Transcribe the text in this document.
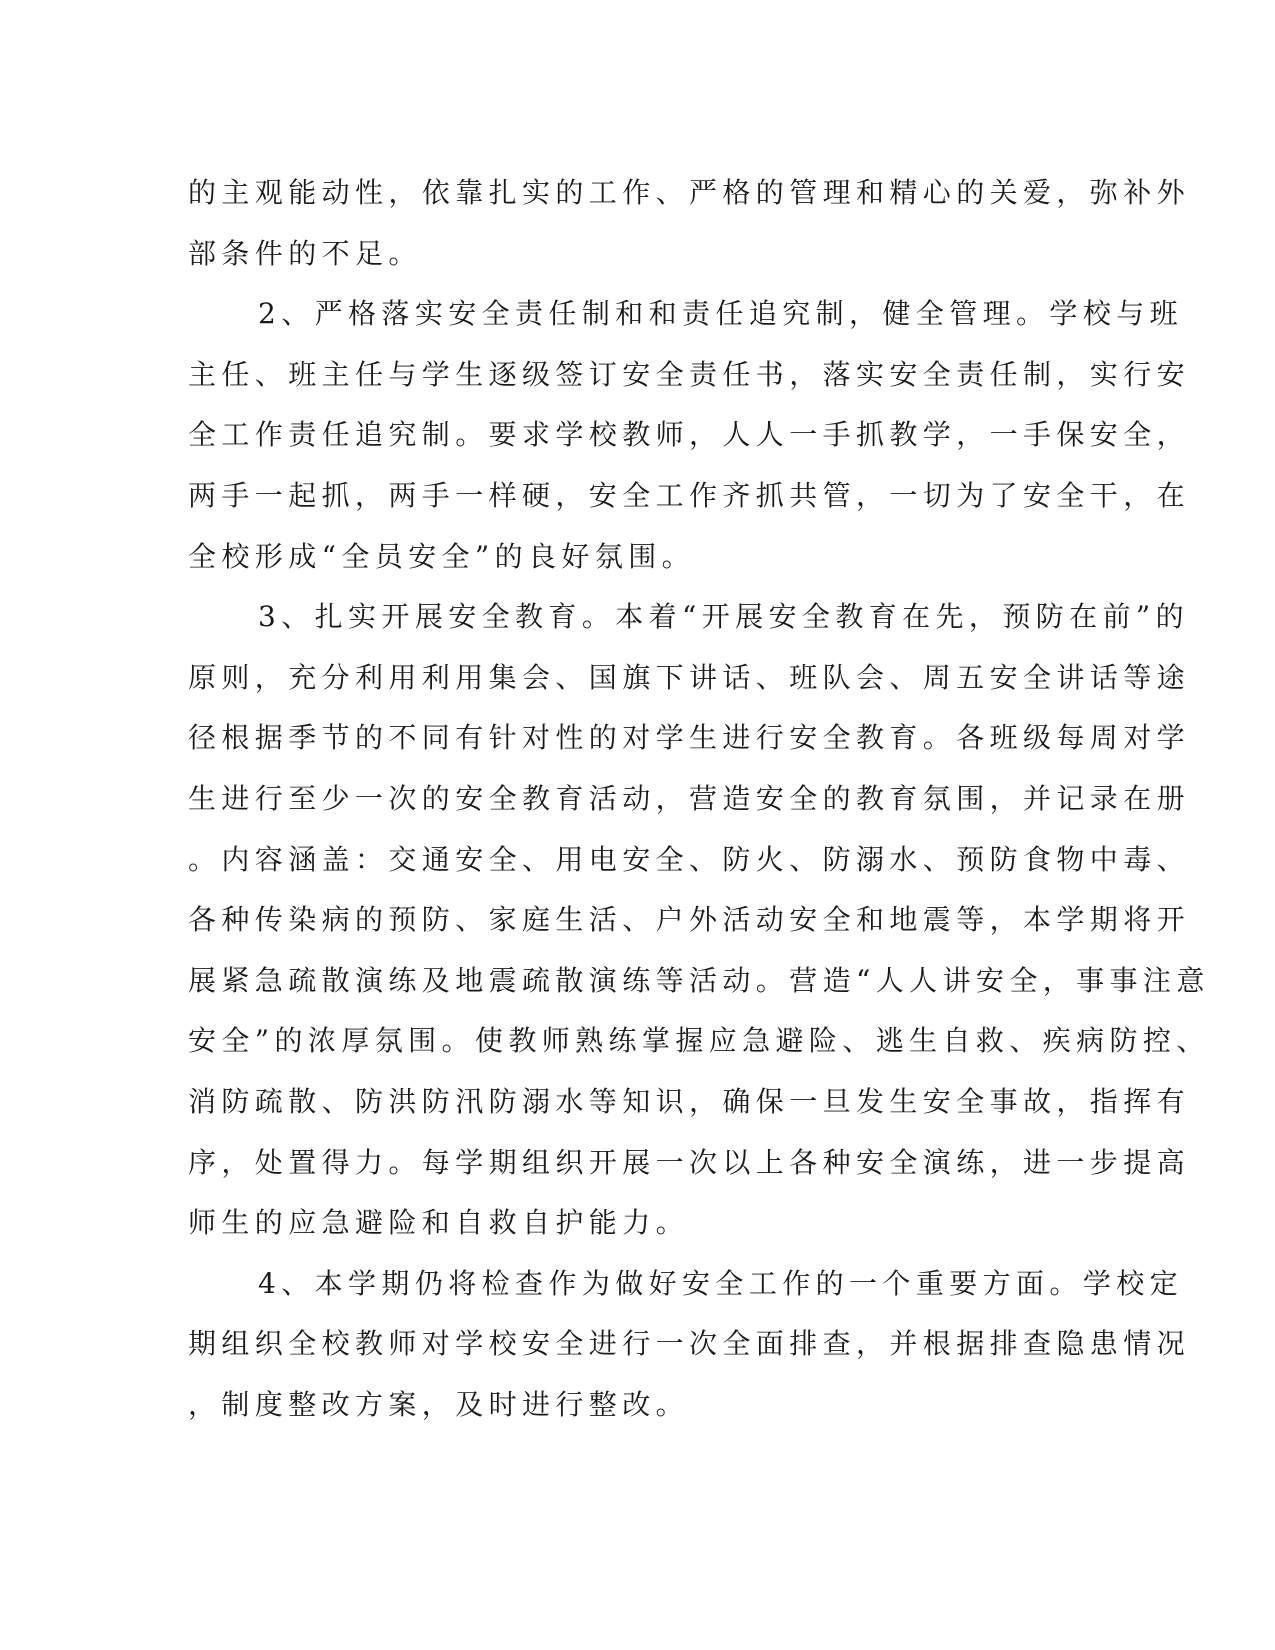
的主观能动性，依靠扎实的工作、严格的管理和精心的关爱，弥补外
部条件的不足。
2、严格落实安全责任制和和责任追究制，健全管理。学校与班
主任、班主任与学生逐级签订安全责任书，落实安全责任制，实行安
全工作责任追究制。要求学校教师，人人一手抓教学，一手保安全，
两手一起抓，两手一样硬，安全工作齐抓共管，一切为了安全干，在
全校形成“全员安全”的良好氛围。
3、扎实开展安全教育。本着“开展安全教育在先，预防在前”的
原则，充分利用利用集会、国旗下讲话、班队会、周五安全讲话等途
径根据季节的不同有针对性的对学生进行安全教育。各班级每周对学
生进行至少一次的安全教育活动，营造安全的教育氛围，并记录在册
。内容涵盖：交通安全、用电安全、防火、防溺水、预防食物中毒、
各种传染病的预防、家庭生活、户外活动安全和地震等，本学期将开
展紧急疏散演练及地震疏散演练等活动。营造“人人讲安全，事事注意
安全”的浓厚氛围。使教师熟练掌握应急避险、逃生自救、疾病防控、
消防疏散、防洪防汛防溺水等知识，确保一旦发生安全事故，指挥有
序，处置得力。每学期组织开展一次以上各种安全演练，进一步提高
师生的应急避险和自救自护能力。
4、本学期仍将检查作为做好安全工作的一个重要方面。学校定
期组织全校教师对学校安全进行一次全面排查，并根据排查隐患情况
，制度整改方案，及时进行整改。
